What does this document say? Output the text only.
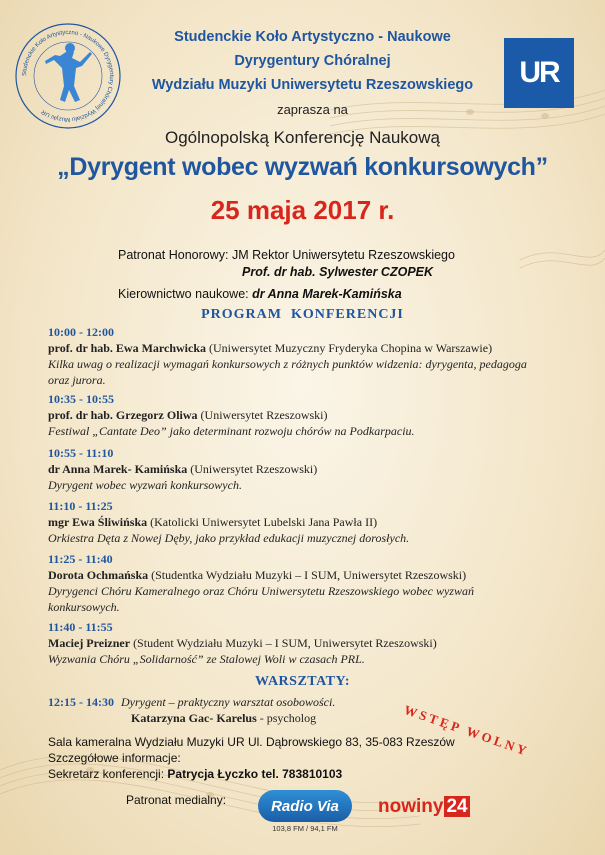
Studenckie Koło Artystyczno - Naukowe Dyrygentury Chóralnej Wydziału Muzyki UR
UR
Studenckie Koło Artystyczno - Naukowe
Dyrygentury Chóralnej
Wydziału Muzyki Uniwersytetu Rzeszowskiego
zaprasza na
Ogólnopolską Konferencję Naukową
„Dyrygent wobec wyzwań konkursowych”
25 maja 2017 r.
Patronat Honorowy: JM Rektor Uniwersytetu Rzeszowskiego
Prof. dr hab. Sylwester CZOPEK
Kierownictwo naukowe: dr Anna Marek-Kamińska
PROGRAM  KONFERENCJI
10:00 - 12:00
prof. dr hab. Ewa Marchwicka (Uniwersytet Muzyczny Fryderyka Chopina w Warszawie)
Kilka uwag o realizacji wymagań konkursowych z różnych punktów widzenia: dyrygenta, pedagoga
oraz jurora.
10:35 - 10:55
prof. dr hab. Grzegorz Oliwa (Uniwersytet Rzeszowski)
Festiwal „Cantate Deo” jako determinant rozwoju chórów na Podkarpaciu.
10:55 - 11:10
dr Anna Marek- Kamińska (Uniwersytet Rzeszowski)
Dyrygent wobec wyzwań konkursowych.
11:10 - 11:25
mgr Ewa Śliwińska (Katolicki Uniwersytet Lubelski Jana Pawła II)
Orkiestra Dęta z Nowej Dęby, jako przykład edukacji muzycznej dorosłych.
11:25 - 11:40
Dorota Ochmańska (Studentka Wydziału Muzyki – I SUM, Uniwersytet Rzeszowski)
Dyrygenci Chóru Kameralnego oraz Chóru Uniwersytetu Rzeszowskiego wobec wyzwań
konkursowych.
11:40 - 11:55
Maciej Preizner (Student Wydziału Muzyki – I SUM, Uniwersytet Rzeszowski)
Wyzwania Chóru „Solidarność” ze Stalowej Woli w czasach PRL.
WARSZTATY:
12:15 - 14:30 Dyrygent – praktyczny warsztat osobowości.
Katarzyna Gac- Karelus - psycholog	WSTĘP WOLNY
Sala kameralna Wydziału Muzyki UR Ul. Dąbrowskiego 83, 35-083 Rzeszów
Szczegółowe informacje:
Sekretarz konferencji: Patrycja Łyczko tel. 783810103
Patronat medialny:	Radio Via
103,8 FM / 94,1 FM
nowiny 24
